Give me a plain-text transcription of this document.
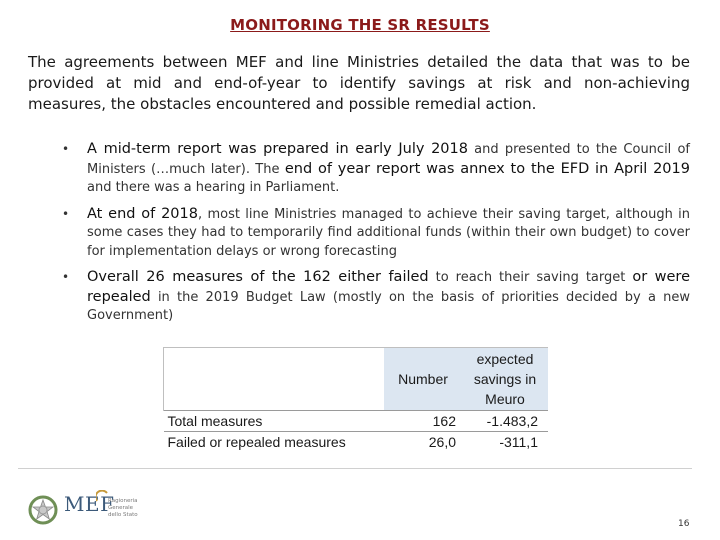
MONITORING THE SR RESULTS
The agreements between MEF and line Ministries detailed the data that was to be provided at mid and end-of-year to identify savings at risk and non-achieving measures, the obstacles encountered and possible remedial action.
• A mid-term report was prepared in early July 2018 and presented to the Council of Ministers (…much later). The end of year report was annex to the EFD in April 2019 and there was a hearing in Parliament.
• At end of 2018, most line Ministries managed to achieve their saving target, although in some cases they had to temporarily find additional funds (within their own budget) to cover for implementation delays or wrong forecasting
• Overall 26 measures of the 162 either failed to reach their saving target or were repealed in the 2019 Budget Law (mostly on the basis of priorities decided by a new Government)
	Number	expected savings in Meuro
Total measures	162	-1.483,2
Failed or repealed measures	26,0	-311,1
MEF
Ragioneria Generale dello Stato
16
